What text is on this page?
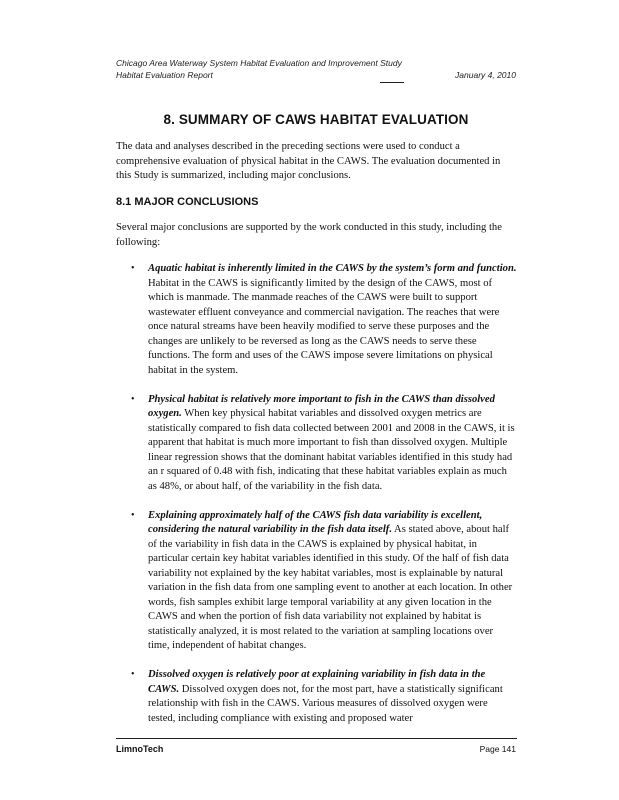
Chicago Area Waterway System Habitat Evaluation and Improvement Study
Habitat Evaluation Report	January 4, 2010
8. SUMMARY OF CAWS HABITAT EVALUATION

The data and analyses described in the preceding sections were used to conduct a comprehensive evaluation of physical habitat in the CAWS. The evaluation documented in this Study is summarized, including major conclusions.

8.1 MAJOR CONCLUSIONS

Several major conclusions are supported by the work conducted in this study, including the following:

• Aquatic habitat is inherently limited in the CAWS by the system’s form and function. Habitat in the CAWS is significantly limited by the design of the CAWS, most of which is manmade. The manmade reaches of the CAWS were built to support wastewater effluent conveyance and commercial navigation. The reaches that were once natural streams have been heavily modified to serve these purposes and the changes are unlikely to be reversed as long as the CAWS needs to serve these functions. The form and uses of the CAWS impose severe limitations on physical habitat in the system.
• Physical habitat is relatively more important to fish in the CAWS than dissolved oxygen. When key physical habitat variables and dissolved oxygen metrics are statistically compared to fish data collected between 2001 and 2008 in the CAWS, it is apparent that habitat is much more important to fish than dissolved oxygen. Multiple linear regression shows that the dominant habitat variables identified in this study had an r squared of 0.48 with fish, indicating that these habitat variables explain as much as 48%, or about half, of the variability in the fish data.
• Explaining approximately half of the CAWS fish data variability is excellent, considering the natural variability in the fish data itself. As stated above, about half of the variability in fish data in the CAWS is explained by physical habitat, in particular certain key habitat variables identified in this study. Of the half of fish data variability not explained by the key habitat variables, most is explainable by natural variation in the fish data from one sampling event to another at each location. In other words, fish samples exhibit large temporal variability at any given location in the CAWS and when the portion of fish data variability not explained by habitat is statistically analyzed, it is most related to the variation at sampling locations over time, independent of habitat changes.
• Dissolved oxygen is relatively poor at explaining variability in fish data in the CAWS. Dissolved oxygen does not, for the most part, have a statistically significant relationship with fish in the CAWS. Various measures of dissolved oxygen were tested, including compliance with existing and proposed water
LimnoTech	Page 141
